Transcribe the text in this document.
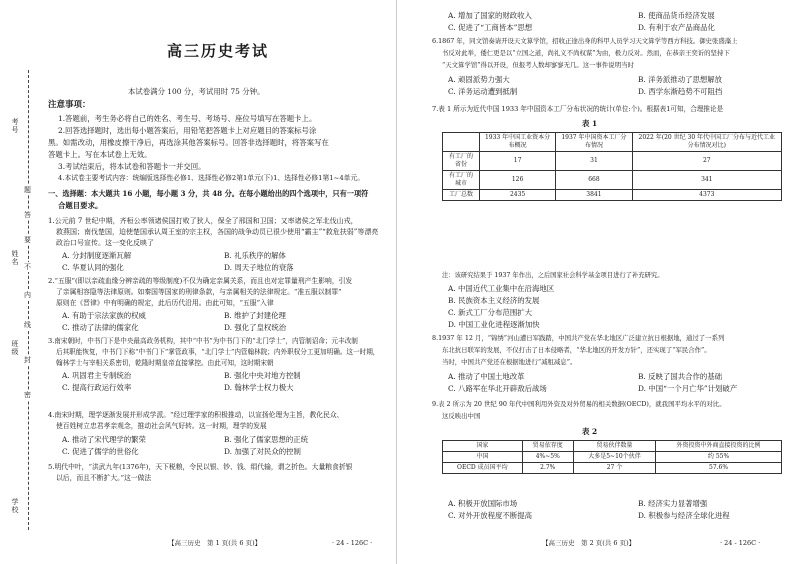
考号
姓名
班级
学校
题
答
要
不
内
线
封
密
高三历史考试
本试卷满分 100 分，考试用时 75 分钟。
注意事项：
1.答题前，考生务必将自己的姓名、考生号、考场号、座位号填写在答题卡上。
2.回答选择题时，选出每小题答案后，用铅笔把答题卡上对应题目的答案标号涂
黑。如需改动，用橡皮擦干净后，再选涂其他答案标号。回答非选择题时，将答案写在
答题卡上。写在本试卷上无效。
3.考试结束后，将本试卷和答题卡一并交回。
4.本试卷主要考试内容：统编版选择性必修1、选择性必修2第1单元(下)1、选择性必修1第1~4单元。
一、选择题：本大题共 16 小题，每小题 3 分，共 48 分。在每小题给出的四个选项中，只有一项符
合题目要求。
1.公元前 7 世纪中期，齐桓公率领诸侯国打败了狄人，保全了邢国和卫国；又率诸侯之军北伐山戎，
救燕国；南伐楚国，迫使楚国承认周王室的宗主权，各国的战争动员已很少使用“霸主”“救危扶弱”等漂亮
政治口号宣传。这一变化反映了
A. 分封制度逐渐瓦解	B. 礼乐秩序的解体
C. 华夏认同的强化	D. 周天子地位的衰落
2.“五服”(即以亲疏血缘分辨亲疏的等级制度)不仅为确定亲属关系，而且也对定罪量刑产生影响，引发
了亲属相容隐等法律原则。如秦国等国家的刑律条款，与亲属相关的法律规定。“准五服以制罪”
原则在《晋律》中有明确的规定，此后历代沿用。由此可知，“五服”入律
A. 有助于宗法家族的权威	B. 维护了封建伦理
C. 推动了法律的儒家化	D. 强化了皇权统治
3.南宋朝时，中书门下是中央最高政务机构，其中“中书”为中书门下的“北门学士”，内管制诏命；元丰改制
后其职能恢复，中书门下称“中书门下”掌管政事，“北门学士”内管翰林院；内外职权分工更加明确。这一时期，
翰林学士与宰相关系密切，乾隆时期皇帝直接掌控。由此可知，这时期宋朝
A. 巩固君主专制统治	B. 强化中央对地方控制
C. 提高行政运行效率	D. 翰林学士权力极大
4.南宋时期，理学逐渐发展并形成学派。“经过理学家的积极推动，以宣扬伦理为主旨，教化民众、
使百姓树立忠君孝亲观念，推动社会风气好转。这一时期，理学的发展
A. 推动了宋代理学的繁荣	B. 强化了儒家思想的正统
C. 促进了儒学的世俗化	D. 加强了对民众的控制
5.明代中叶，“洪武九年(1376年)，天下税粮，令民以银、钞、钱、绢代输，谓之折色。大量粮食折银
以后，而且不断扩大。”这一做法
【高三历史　第 1 页(共 6 页)】	· 24 - 126C ·
A. 增加了国家的财政收入	B. 使商品货币经济发展
C. 促进了“工商皆本”思想	D. 有利于农产品商品化
6.1867 年，同文馆奏请开设天文算学馆，招收正途出身的科甲人员学习天文算学等西方科技。御史张盛藻上
书反对此举，倭仁更是以“立国之道，尚礼义不尚权谋”为由，极力反对。然而，在恭亲王奕䜣的坚持下
“天文算学馆”得以开设，但报考人数却寥寥无几。这一事件说明当时
A. 顽固派势力强大	B. 洋务派推动了思想解放
C. 洋务运动遭到抵制	D. 西学东渐趋势不可阻挡
7.表 1 所示为近代中国 1933 年中国资本工厂分布状况的统计(单位:个)。根据表1可知，合理推论是
表 1
	1933 年中国工业资本分布概况	1937 年中国资本工厂分布情况	2022 年(20 世纪 30 年代中国工厂分布与近代工业分布情况对比)
有工厂的省份	17	31	27
有工厂的城市	126	668	341
工厂总数	2435	3841	4373
注：该研究结果于 1937 年作出，之后国家社会科学基金项目进行了补充研究。
A. 中国近代工业集中在沿海地区
B. 民族资本主义经济的发展
C. 新式工厂分布范围扩大
D. 中国工业化进程逐渐加快
8.1937 年 12 月，“锦绣”河山遭日军践踏，中国共产党在华北地区广泛建立抗日根据地，通过了一系列
东北抗日联军的发展，不仅打击了日本侵略者，“华北地区的开发方针”，还实现了“军民合作”。
当时，中国共产党还在根据地进行“减租减息”。
A. 推动了中国土地改革	B. 反映了国共合作的基础
C. 八路军在华北开辟敌后战场	D. 中国“一个月亡华”计划破产
9.表 2 所示为 20 世纪 90 年代中国利用外资及对外贸易的相关数据(OECD)，就我国平均水平的对比。
这反映出中国
表 2
国家	贸易依存度	贸易伙伴数量	外资投资中外商直接投资的比例
中国	4%~5%	大多是5~10个伙伴	约 55%
OECD 成员国平均	2.7%	27 个	57.6%
A. 积极开放国际市场	B. 经济实力显著增强
C. 对外开放程度不断提高	D. 积极参与经济全球化进程
【高三历史　第 2 页(共 6 页)】	· 24 - 126C ·
